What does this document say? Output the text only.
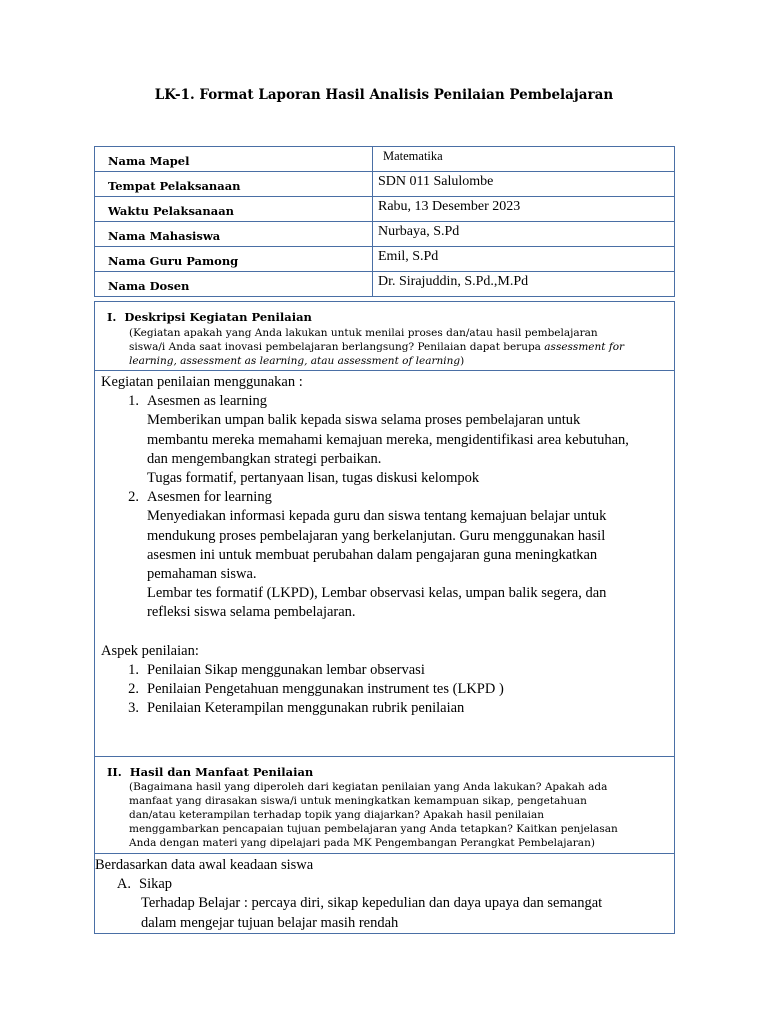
LK-1. Format Laporan Hasil Analisis Penilaian Pembelajaran
Nama Mapel	Matematika
Tempat Pelaksanaan	SDN 011 Salulombe
Waktu Pelaksanaan	Rabu, 13 Desember 2023
Nama Mahasiswa	Nurbaya, S.Pd
Nama Guru Pamong	Emil, S.Pd
Nama Dosen	Dr. Sirajuddin, S.Pd.,M.Pd

I. Deskripsi Kegiatan Penilaian

(Kegiatan apakah yang Anda lakukan untuk menilai proses dan/atau hasil pembelajaran

siswa/i Anda saat inovasi pembelajaran berlangsung? Penilaian dapat berupa assessment for

learning, assessment as learning, atau assessment of learning)

Kegiatan penilaian menggunakan :
1. Asesmen as learning
Memberikan umpan balik kepada siswa selama proses pembelajaran untuk
membantu mereka memahami kemajuan mereka, mengidentifikasi area kebutuhan,
dan mengembangkan strategi perbaikan.
Tugas formatif, pertanyaan lisan, tugas diskusi kelompok
2. Asesmen for learning
Menyediakan informasi kepada guru dan siswa tentang kemajuan belajar untuk
mendukung proses pembelajaran yang berkelanjutan. Guru menggunakan hasil
asesmen ini untuk membuat perubahan dalam pengajaran guna meningkatkan
pemahaman siswa.
Lembar tes formatif (LKPD), Lembar observasi kelas, umpan balik segera, dan
refleksi siswa selama pembelajaran.
Aspek penilaian:
1. Penilaian Sikap menggunakan lembar observasi
2. Penilaian Pengetahuan menggunakan instrument tes (LKPD )
3. Penilaian Keterampilan menggunakan rubrik penilaian

II. Hasil dan Manfaat Penilaian

(Bagaimana hasil yang diperoleh dari kegiatan penilaian yang Anda lakukan? Apakah ada

manfaat yang dirasakan siswa/i untuk meningkatkan kemampuan sikap, pengetahuan

dan/atau keterampilan terhadap topik yang diajarkan? Apakah hasil penilaian

menggambarkan pencapaian tujuan pembelajaran yang Anda tetapkan? Kaitkan penjelasan

Anda dengan materi yang dipelajari pada MK Pengembangan Perangkat Pembelajaran)

Berdasarkan data awal keadaan siswa
A. Sikap
Terhadap Belajar : percaya diri, sikap kepedulian dan daya upaya dan semangat
dalam mengejar tujuan belajar masih rendah
